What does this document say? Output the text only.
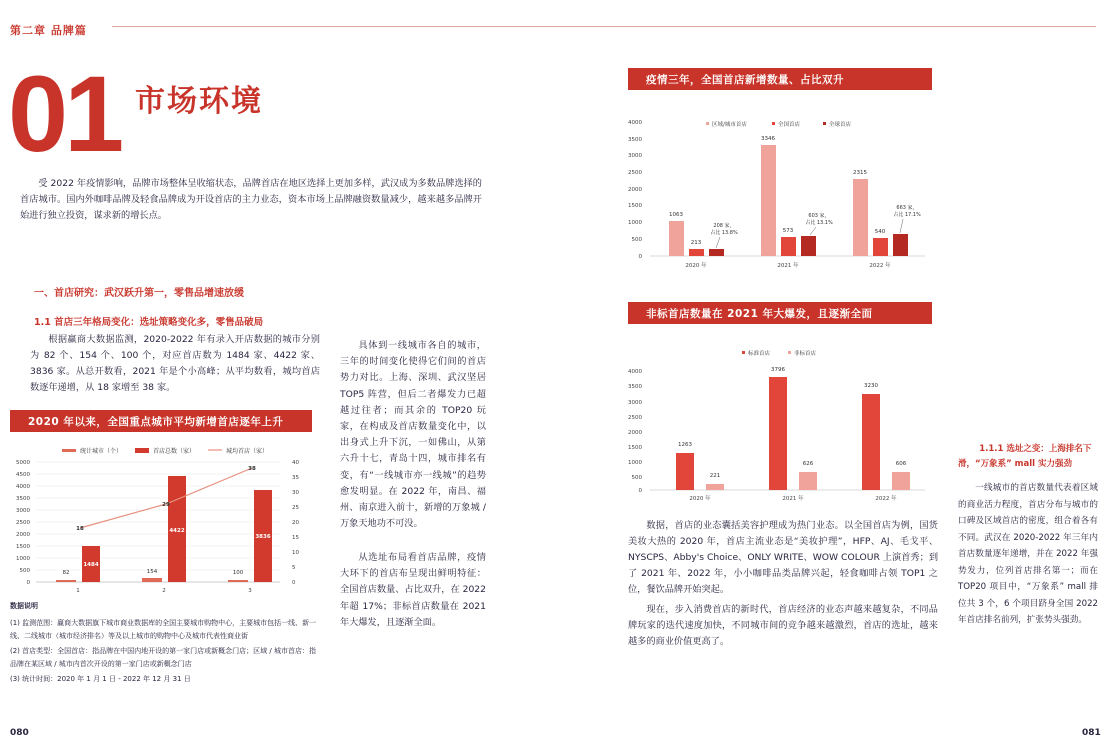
第二章 品牌篇
01 市场环境

受 2022 年疫情影响，品牌市场整体呈收缩状态，品牌首店在地区选择上更加多样，武汉成为多数品牌选择的首店城市。国内外咖啡品牌及轻食品牌成为开设首店的主力业态，资本市场上品牌融资数量减少，越来越多品牌开始进行独立投资，谋求新的增长点。

一、首店研究：武汉跃升第一，零售品增速放缓
1.1 首店三年格局变化：选址策略变化多，零售品破局

根据赢商大数据监测，2020-2022 年有录入开店数据的城市分别为 82 个、154 个、100 个，对应首店数为 1484 家、4422 家、3836 家。从总开数看，2021 年是个小高峰；从平均数看，城均首店数逐年递增，从 18 家增至 38 家。

具体到一线城市各自的城市，三年的时间变化使得它们间的首店势力对比。上海、深圳、武汉坚居 TOP5 阵营，但后二者爆发力已超越过往者；而其余的 TOP20 玩家，在构成及首店数量变化中，以出身式上升下沉，一如佛山，从第六升十七，青岛十四，城市排名有变，有“一线城市亦一线城”的趋势愈发明显。在 2022 年，南昌、福州、南京进入前十，新增的万象城 / 万象天地功不可没。

从选址布局看首店品牌，疫情大环下的首店布呈现出鲜明特征：全国首店数量、占比双升，在 2022 年超 17%；非标首店数量在 2021 年大爆发，且逐渐全面。

2020 年以来，全国重点城市平均新增首店逐年上升
统计城市（个）	首店总数（家）	城均首店（家）
5000
4500
4000
3500
3000
2500
2000
1500
1000
500
0
40
35
30
25
20
15
10
5
0
82	154	100
1484
4422
3836
18
29
38
1	2	3
数据说明
(1) 监测范围：赢商大数据旗下城市商业数据库的全国主要城市购物中心，主要城市包括一线、新一线、二线城市（城市经济排名）等及以上城市的购物中心及城市代表性商业街
(2) 首店类型：全国首店：指品牌在中国内地开设的第一家门店或新概念门店；区域 / 城市首店：指品牌在某区域 / 城市内首次开设的第一家门店或新概念门店
(3) 统计时间：2020 年 1 月 1 日 - 2022 年 12 月 31 日
080
疫情三年，全国首店新增数量、占比双升
区域/城市首店	全国首店	全球首店
4000
3500
3000
2500
2000
1500
1000
500
0
1063
213
3346
573
2315
540
208 家，
占比 13.8%
603 家，
占比 13.1%
663 家，
占比 17.1%
2020 年	2021 年	2022 年
非标首店数量在 2021 年大爆发，且逐渐全面
标准首店	非标首店
4000
3500
3000
2500
2000
1500
1000
500
0
1263
221
3796
626
3230
606
2020 年	2021 年	2022 年

数据，首店的业态囊括美容护理成为热门业态。以全国首店为例，国货美妆大热的 2020 年，首店主流业态是“美妆护理”，HFP、AJ、毛戈平、NYSCPS、Abby's Choice、ONLY WRITE、WOW COLOUR 上演首秀；到了 2021 年、2022 年，小小咖啡品类品牌兴起，轻食咖啡占领 TOP1 之位，餐饮品牌开始突起。

现在，步入消费首店的新时代，首店经济的业态声越来越复杂，不同品牌玩家的迭代速度加快，不同城市间的竞争越来越激烈，首店的选址，越来越多的商业价值更高了。

1.1.1 选址之变：上海排名下滑，“万象系” mall 实力强劲

一线城市的首店数量代表着区域的商业活力程度，首店分布与城市的口碑及区域首店的密度，组合着各有不同。武汉在 2020-2022 年三年内首店数量逐年递增，并在 2022 年强势发力，位列首店排名第一；而在 TOP20 项目中，“万象系” mall 排位共 3 个，6 个项目跻身全国 2022 年首店排名前列，扩张势头强劲。

081
